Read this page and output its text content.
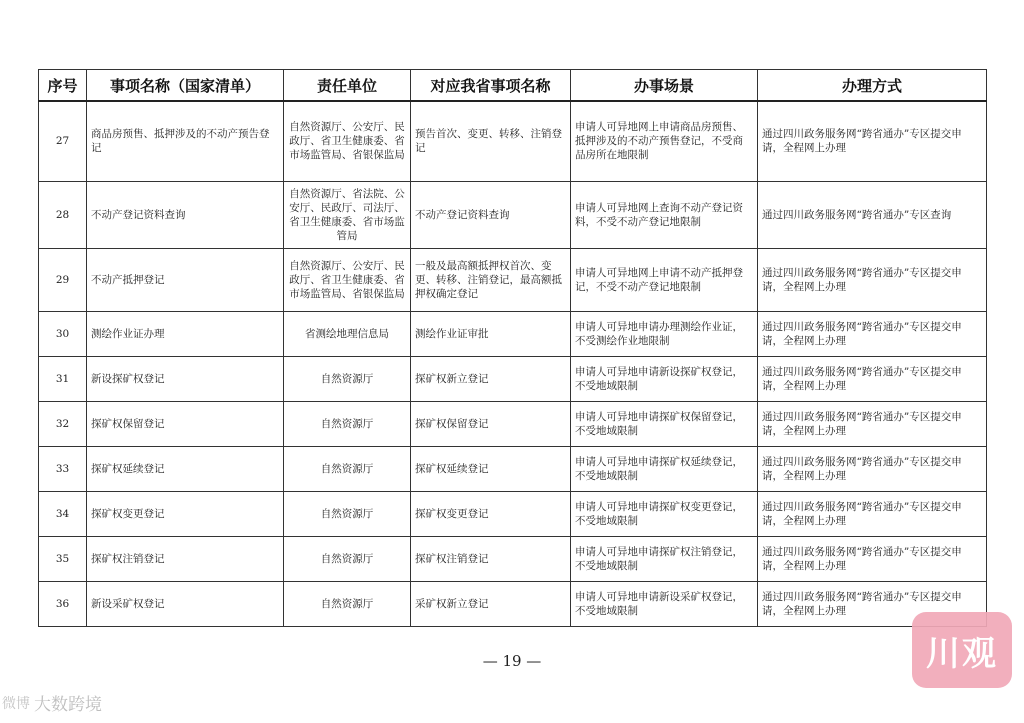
序号	事项名称（国家清单）	责任单位	对应我省事项名称	办事场景	办理方式
27	商品房预售、抵押涉及的不动产预告登记	自然资源厅、公安厅、民政厅、省卫生健康委、省市场监管局、省银保监局	预告首次、变更、转移、注销登记	申请人可异地网上申请商品房预售、抵押涉及的不动产预售登记，不受商品房所在地限制	通过四川政务服务网“跨省通办”专区提交申请，全程网上办理
28	不动产登记资料查询	自然资源厅、省法院、公安厅、民政厅、司法厅、省卫生健康委、省市场监管局	不动产登记资料查询	申请人可异地网上查询不动产登记资料，不受不动产登记地限制	通过四川政务服务网“跨省通办”专区查询
29	不动产抵押登记	自然资源厅、公安厅、民政厅、省卫生健康委、省市场监管局、省银保监局	一般及最高额抵押权首次、变更、转移、注销登记，最高额抵押权确定登记	申请人可异地网上申请不动产抵押登记，不受不动产登记地限制	通过四川政务服务网“跨省通办”专区提交申请，全程网上办理
30	测绘作业证办理	省测绘地理信息局	测绘作业证审批	申请人可异地申请办理测绘作业证，不受测绘作业地限制	通过四川政务服务网“跨省通办”专区提交申请，全程网上办理
31	新设探矿权登记	自然资源厅	探矿权新立登记	申请人可异地申请新设探矿权登记，不受地域限制	通过四川政务服务网“跨省通办”专区提交申请，全程网上办理
32	探矿权保留登记	自然资源厅	探矿权保留登记	申请人可异地申请探矿权保留登记，不受地域限制	通过四川政务服务网“跨省通办”专区提交申请，全程网上办理
33	探矿权延续登记	自然资源厅	探矿权延续登记	申请人可异地申请探矿权延续登记，不受地域限制	通过四川政务服务网“跨省通办”专区提交申请，全程网上办理
34	探矿权变更登记	自然资源厅	探矿权变更登记	申请人可异地申请探矿权变更登记，不受地域限制	通过四川政务服务网“跨省通办”专区提交申请，全程网上办理
35	探矿权注销登记	自然资源厅	探矿权注销登记	申请人可异地申请探矿权注销登记，不受地域限制	通过四川政务服务网“跨省通办”专区提交申请，全程网上办理
36	新设采矿权登记	自然资源厅	采矿权新立登记	申请人可异地申请新设采矿权登记，不受地域限制	通过四川政务服务网“跨省通办”专区提交申请，全程网上办理
— 19 —
微博 大数跨境
川观
